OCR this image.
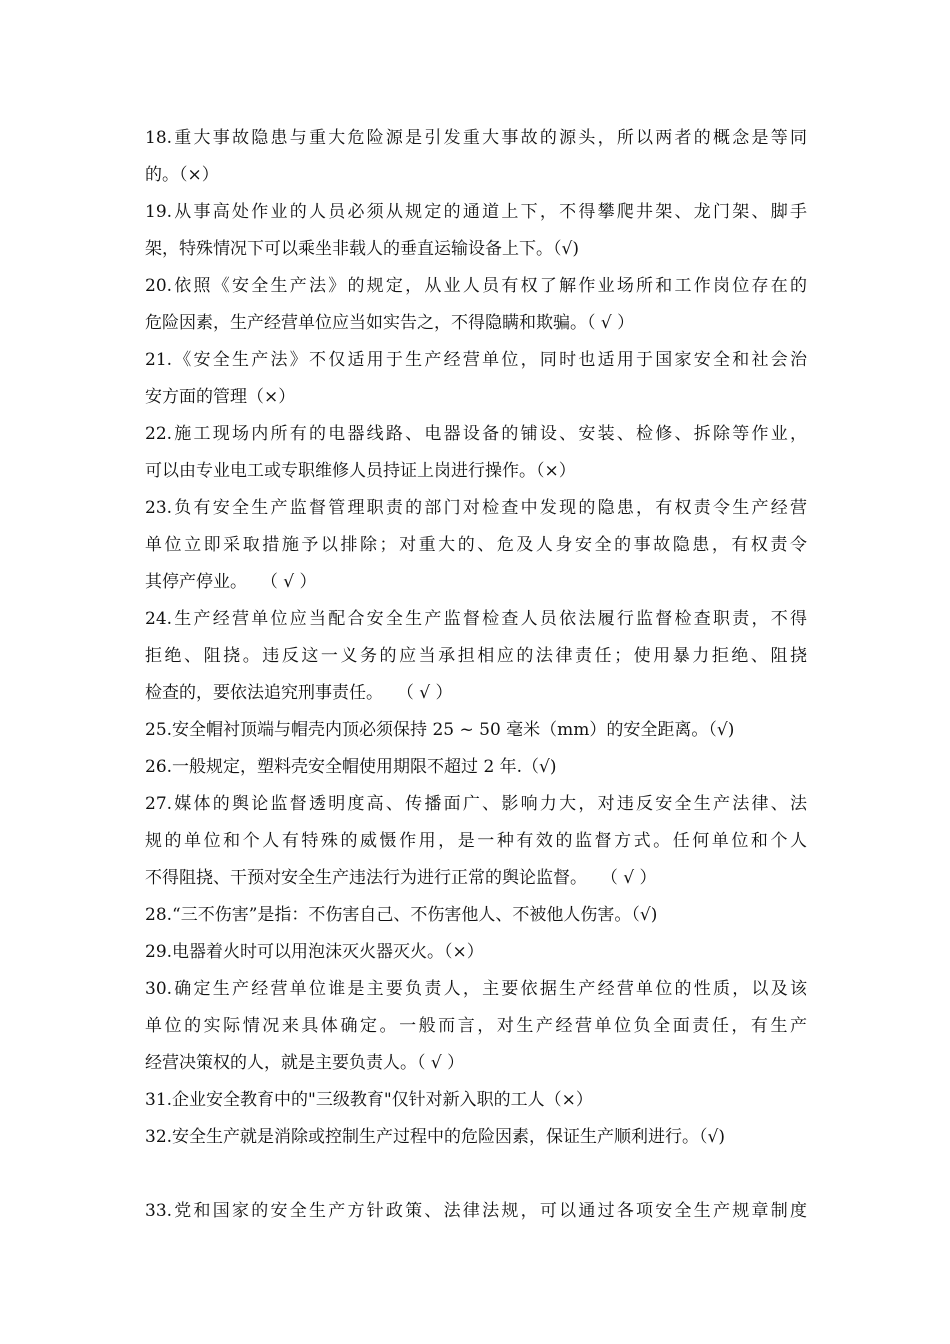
18.重大事故隐患与重大危险源是引发重大事故的源头，所以两者的概念是等同
的。（×）
19.从事高处作业的人员必须从规定的通道上下，不得攀爬井架、龙门架、脚手
架，特殊情况下可以乘坐非载人的垂直运输设备上下。（√)
20.依照《安全生产法》的规定，从业人员有权了解作业场所和工作岗位存在的
危险因素，生产经营单位应当如实告之，不得隐瞒和欺骗。（ √ ）
21.《安全生产法》不仅适用于生产经营单位，同时也适用于国家安全和社会治
安方面的管理（×）
22.施工现场内所有的电器线路、电器设备的铺设、安装、检修、拆除等作业，
可以由专业电工或专职维修人员持证上岗进行操作。（×）
23.负有安全生产监督管理职责的部门对检查中发现的隐患，有权责令生产经营
单位立即采取措施予以排除；对重大的、危及人身安全的事故隐患，有权责令
其停产停业。　 （ √ ）
24.生产经营单位应当配合安全生产监督检查人员依法履行监督检查职责，不得
拒绝、阻挠。违反这一义务的应当承担相应的法律责任；使用暴力拒绝、阻挠
检查的，要依法追究刑事责任。　 （ √ ）
25.安全帽衬顶端与帽壳内顶必须保持 25 ~ 50 毫米（mm）的安全距离。（√)
26.一般规定，塑料壳安全帽使用期限不超过 2 年.（√)
27.媒体的舆论监督透明度高、传播面广、影响力大，对违反安全生产法律、法
规的单位和个人有特殊的威慑作用，是一种有效的监督方式。任何单位和个人
不得阻挠、干预对安全生产违法行为进行正常的舆论监督。　 （ √ ）
28.“三不伤害”是指：不伤害自己、不伤害他人、不被他人伤害。（√)
29.电器着火时可以用泡沫灭火器灭火。（×）
30.确定生产经营单位谁是主要负责人，主要依据生产经营单位的性质，以及该
单位的实际情况来具体确定。一般而言，对生产经营单位负全面责任，有生产
经营决策权的人，就是主要负责人。（ √ ）
31.企业安全教育中的"三级教育"仅针对新入职的工人（×）
32.安全生产就是消除或控制生产过程中的危险因素，保证生产顺利进行。（√)
33.党和国家的安全生产方针政策、法律法规，可以通过各项安全生产规章制度
